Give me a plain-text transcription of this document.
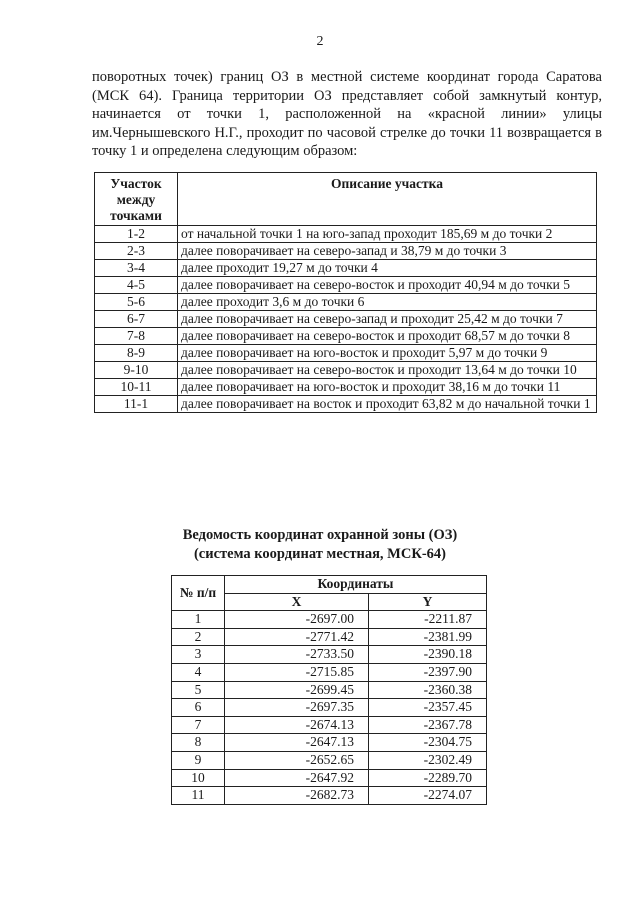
2

поворотных точек) границ ОЗ в местной системе координат города Саратова (МСК 64). Граница территории ОЗ представляет собой замкнутый контур, начинается от точки 1, расположенной на «красной линии» улицы им.Чернышевского Н.Г., проходит по часовой стрелке до точки 11 возвращается в точку 1 и определена следующим образом:

Участок между точками	Описание участка
1-2	от начальной точки 1 на юго-запад проходит 185,69 м до точки 2
2-3	далее поворачивает на северо-запад и 38,79 м до точки 3
3-4	далее проходит 19,27 м до точки 4
4-5	далее поворачивает на северо-восток и проходит 40,94 м до точки 5
5-6	далее проходит 3,6 м до точки 6
6-7	далее поворачивает на северо-запад и проходит 25,42 м до точки 7
7-8	далее поворачивает на северо-восток и проходит 68,57 м до точки 8
8-9	далее поворачивает на юго-восток и проходит 5,97 м до точки 9
9-10	далее поворачивает на северо-восток и проходит 13,64 м до точки 10
10-11	далее поворачивает на юго-восток и проходит 38,16 м до точки 11
11-1	далее поворачивает на восток и проходит 63,82 м до начальной точки 1
Ведомость координат охранной зоны (ОЗ)
(система координат местная, МСК-64)
№ п/п	Координаты	
	X	Y
1	-2697.00	-2211.87
2	-2771.42	-2381.99
3	-2733.50	-2390.18
4	-2715.85	-2397.90
5	-2699.45	-2360.38
6	-2697.35	-2357.45
7	-2674.13	-2367.78
8	-2647.13	-2304.75
9	-2652.65	-2302.49
10	-2647.92	-2289.70
11	-2682.73	-2274.07
